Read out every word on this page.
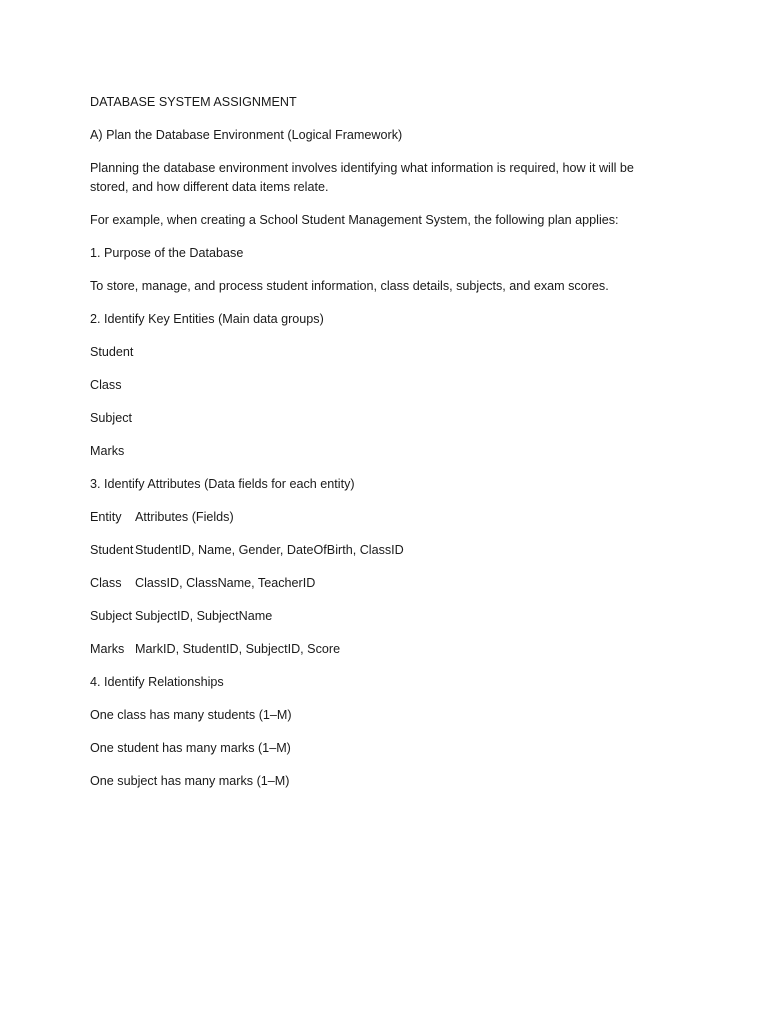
DATABASE SYSTEM ASSIGNMENT

A) Plan the Database Environment (Logical Framework)

Planning the database environment involves identifying what information is required, how it will be stored, and how different data items relate.

For example, when creating a School Student Management System, the following plan applies:

1. Purpose of the Database

To store, manage, and process student information, class details, subjects, and exam scores.

2. Identify Key Entities (Main data groups)

Student

Class

Subject

Marks

3. Identify Attributes (Data fields for each entity)

Entity	Attributes (Fields)
Student StudentID, Name, Gender, DateOfBirth, ClassID
Class	ClassID, ClassName, TeacherID
Subject SubjectID, SubjectName
Marks MarkID, StudentID, SubjectID, Score

4. Identify Relationships

One class has many students (1–M)

One student has many marks (1–M)

One subject has many marks (1–M)
